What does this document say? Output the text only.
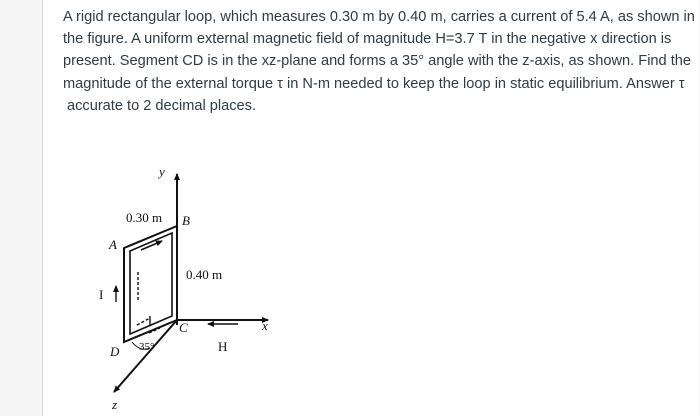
A rigid rectangular loop, which measures 0.30 m by 0.40 m, carries a current of 5.4 A, as shown in
the figure. A uniform external magnetic field of magnitude H=3.7 T in the negative x direction is
present. Segment CD is in the xz-plane and forms a 35° angle with the z-axis, as shown. Find the
magnitude of the external torque τ in N-m needed to keep the loop in static equilibrium. Answer τ
accurate to 2 decimal places.

y
x
z
0.30 m
0.40 m
A
B
C
D
I
35°	H
